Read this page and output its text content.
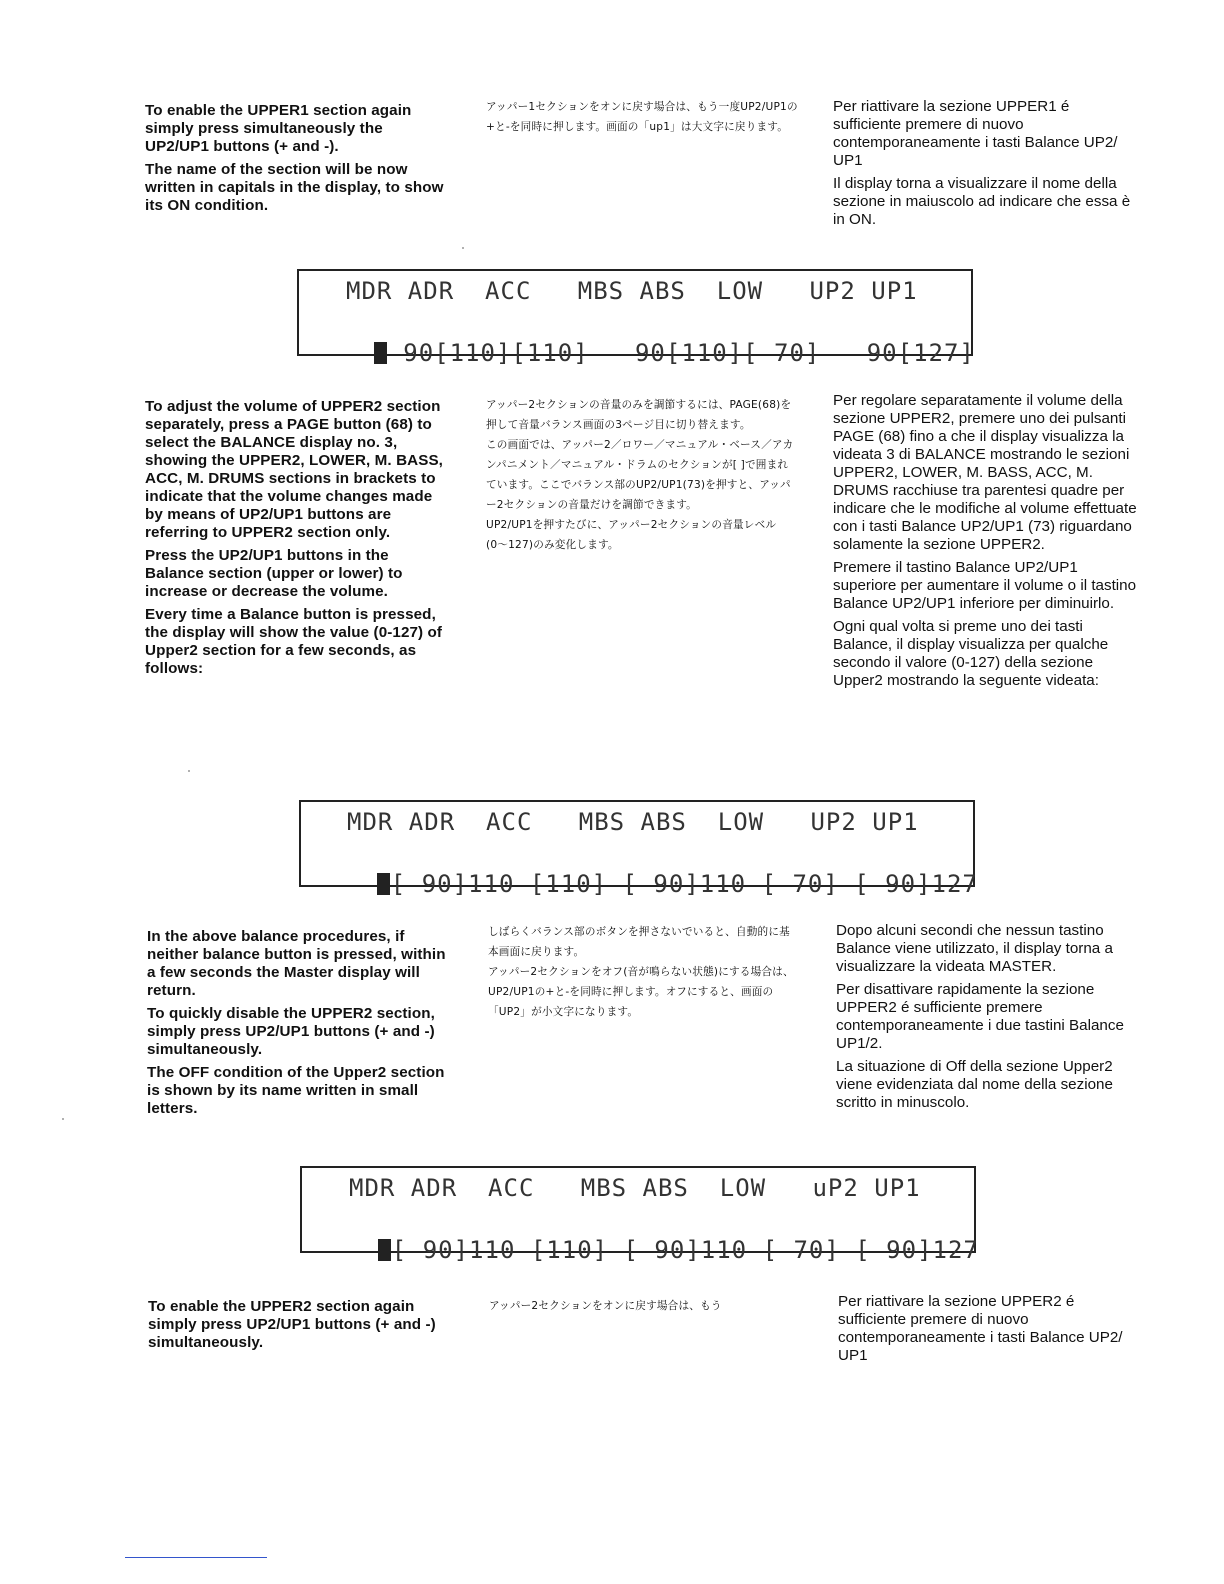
To enable the UPPER1 section again simply press simultaneously the UP2/UP1 buttons (+ and -).

The name of the section will be now written in capitals in the display, to show its ON condition.

アッパー1セクションをオンに戻す場合は、もう一度UP2/UP1の+と-を同時に押します。画面の「up1」は大文字に戻ります。

Per riattivare la sezione UPPER1 é sufficiente premere di nuovo contemporaneamente i tasti Balance UP2/ UP1

Il display torna a visualizzare il nome della sezione in maiuscolo ad indicare che essa è in ON.

MDR ADR  ACC   MBS ABS  LOW   UP2 UP1

90[110][110]   90[110][ 70]   90[127]

To adjust the volume of UPPER2 section separately, press a PAGE button (68) to select the BALANCE display no. 3, showing the UPPER2, LOWER, M. BASS, ACC, M. DRUMS sections in brackets to indicate that the volume changes made by means of UP2/UP1 buttons are referring to UPPER2 section only.

Press the UP2/UP1 buttons in the Balance section (upper or lower) to increase or decrease the volume.

Every time a Balance button is pressed, the display will show the value (0-127) of Upper2 section for a few seconds, as follows:

アッパー2セクションの音量のみを調節するには、PAGE(68)を押して音量バランス画面の3ページ目に切り替えます。

この画面では、アッパー2／ロワー／マニュアル・ベース／アカンパニメント／マニュアル・ドラムのセクションが[ ]で囲まれています。ここでバランス部のUP2/UP1(73)を押すと、アッパー2セクションの音量だけを調節できます。

UP2/UP1を押すたびに、アッパー2セクションの音量レベル(0〜127)のみ変化します。

Per regolare separatamente il volume della sezione UPPER2, premere uno dei pulsanti PAGE (68) fino a che il display visualizza la videata 3 di BALANCE mostrando le sezioni UPPER2, LOWER, M. BASS, ACC, M. DRUMS racchiuse tra parentesi quadre per indicare che le modifiche al volume effettuate con i tasti Balance UP2/UP1 (73) riguardano solamente la sezione UPPER2.

Premere il tastino Balance UP2/UP1 superiore per aumentare il volume o il tastino Balance UP2/UP1 inferiore per diminuirlo.

Ogni qual volta si preme uno dei tasti Balance, il display visualizza per qualche secondo il valore (0-127) della sezione Upper2 mostrando la seguente videata:

MDR ADR  ACC   MBS ABS  LOW   UP2 UP1

[ 90]110 [110] [ 90]110 [ 70] [ 90]127

In the above balance procedures, if neither balance button is pressed, within a few seconds the Master display will return.

To quickly disable the UPPER2 section, simply press UP2/UP1 buttons (+ and -) simultaneously.

The OFF condition of the Upper2 section is shown by its name written in small letters.

しばらくバランス部のボタンを押さないでいると、自動的に基本画面に戻ります。

アッパー2セクションをオフ(音が鳴らない状態)にする場合は、UP2/UP1の+と-を同時に押します。オフにすると、画面の「UP2」が小文字になります。

Dopo alcuni secondi che nessun tastino Balance viene utilizzato, il display torna a visualizzare la videata MASTER.

Per disattivare rapidamente la sezione UPPER2 é sufficiente premere contemporaneamente i due tastini Balance UP1/2.

La situazione di Off della sezione Upper2 viene evidenziata dal nome della sezione scritto in minuscolo.

MDR ADR  ACC   MBS ABS  LOW   uP2 UP1

[ 90]110 [110] [ 90]110 [ 70] [ 90]127

To enable the UPPER2 section again simply press UP2/UP1 buttons (+ and -) simultaneously.

アッパー2セクションをオンに戻す場合は、もう	Per riattivare la sezione UPPER2 é sufficiente premere di nuovo contemporaneamente i tasti Balance UP2/ UP1
